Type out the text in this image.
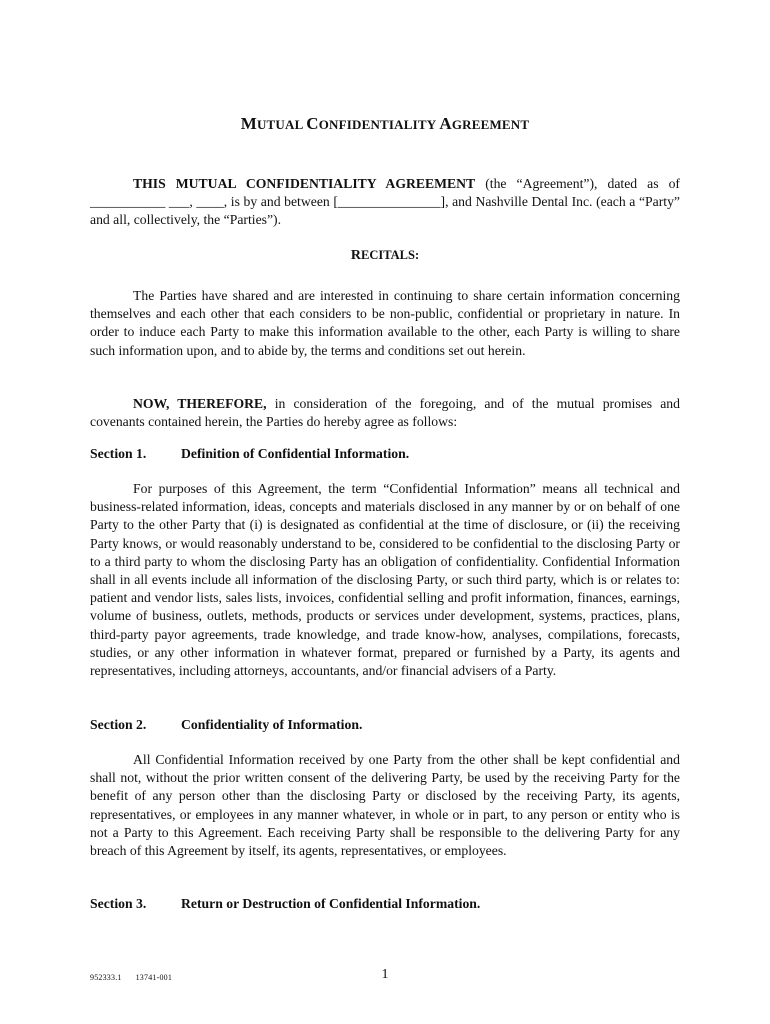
MUTUAL CONFIDENTIALITY AGREEMENT
THIS MUTUAL CONFIDENTIALITY AGREEMENT (the “Agreement”), dated as of ___________ ___, ____, is by and between [_______________], and Nashville Dental Inc. (each a “Party” and all, collectively, the “Parties”).
RECITALS:
The Parties have shared and are interested in continuing to share certain information concerning themselves and each other that each considers to be non-public, confidential or proprietary in nature. In order to induce each Party to make this information available to the other, each Party is willing to share such information upon, and to abide by, the terms and conditions set out herein.
NOW, THEREFORE, in consideration of the foregoing, and of the mutual promises and covenants contained herein, the Parties do hereby agree as follows:
Section 1.	Definition of Confidential Information.
For purposes of this Agreement, the term “Confidential Information” means all technical and business-related information, ideas, concepts and materials disclosed in any manner by or on behalf of one Party to the other Party that (i) is designated as confidential at the time of disclosure, or (ii) the receiving Party knows, or would reasonably understand to be, considered to be confidential to the disclosing Party or to a third party to whom the disclosing Party has an obligation of confidentiality. Confidential Information shall in all events include all information of the disclosing Party, or such third party, which is or relates to: patient and vendor lists, sales lists, invoices, confidential selling and profit information, finances, earnings, volume of business, outlets, methods, products or services under development, systems, practices, plans, third-party payor agreements, trade knowledge, and trade know-how, analyses, compilations, forecasts, studies, or any other information in whatever format, prepared or furnished by a Party, its agents and representatives, including attorneys, accountants, and/or financial advisers of a Party.
Section 2.	Confidentiality of Information.
All Confidential Information received by one Party from the other shall be kept confidential and shall not, without the prior written consent of the delivering Party, be used by the receiving Party for the benefit of any person other than the disclosing Party or disclosed by the receiving Party, its agents, representatives, or employees in any manner whatever, in whole or in part, to any person or entity who is not a Party to this Agreement. Each receiving Party shall be responsible to the delivering Party for any breach of this Agreement by itself, its agents, representatives, or employees.
Section 3.	Return or Destruction of Confidential Information.
952333.1 13741-001	1
